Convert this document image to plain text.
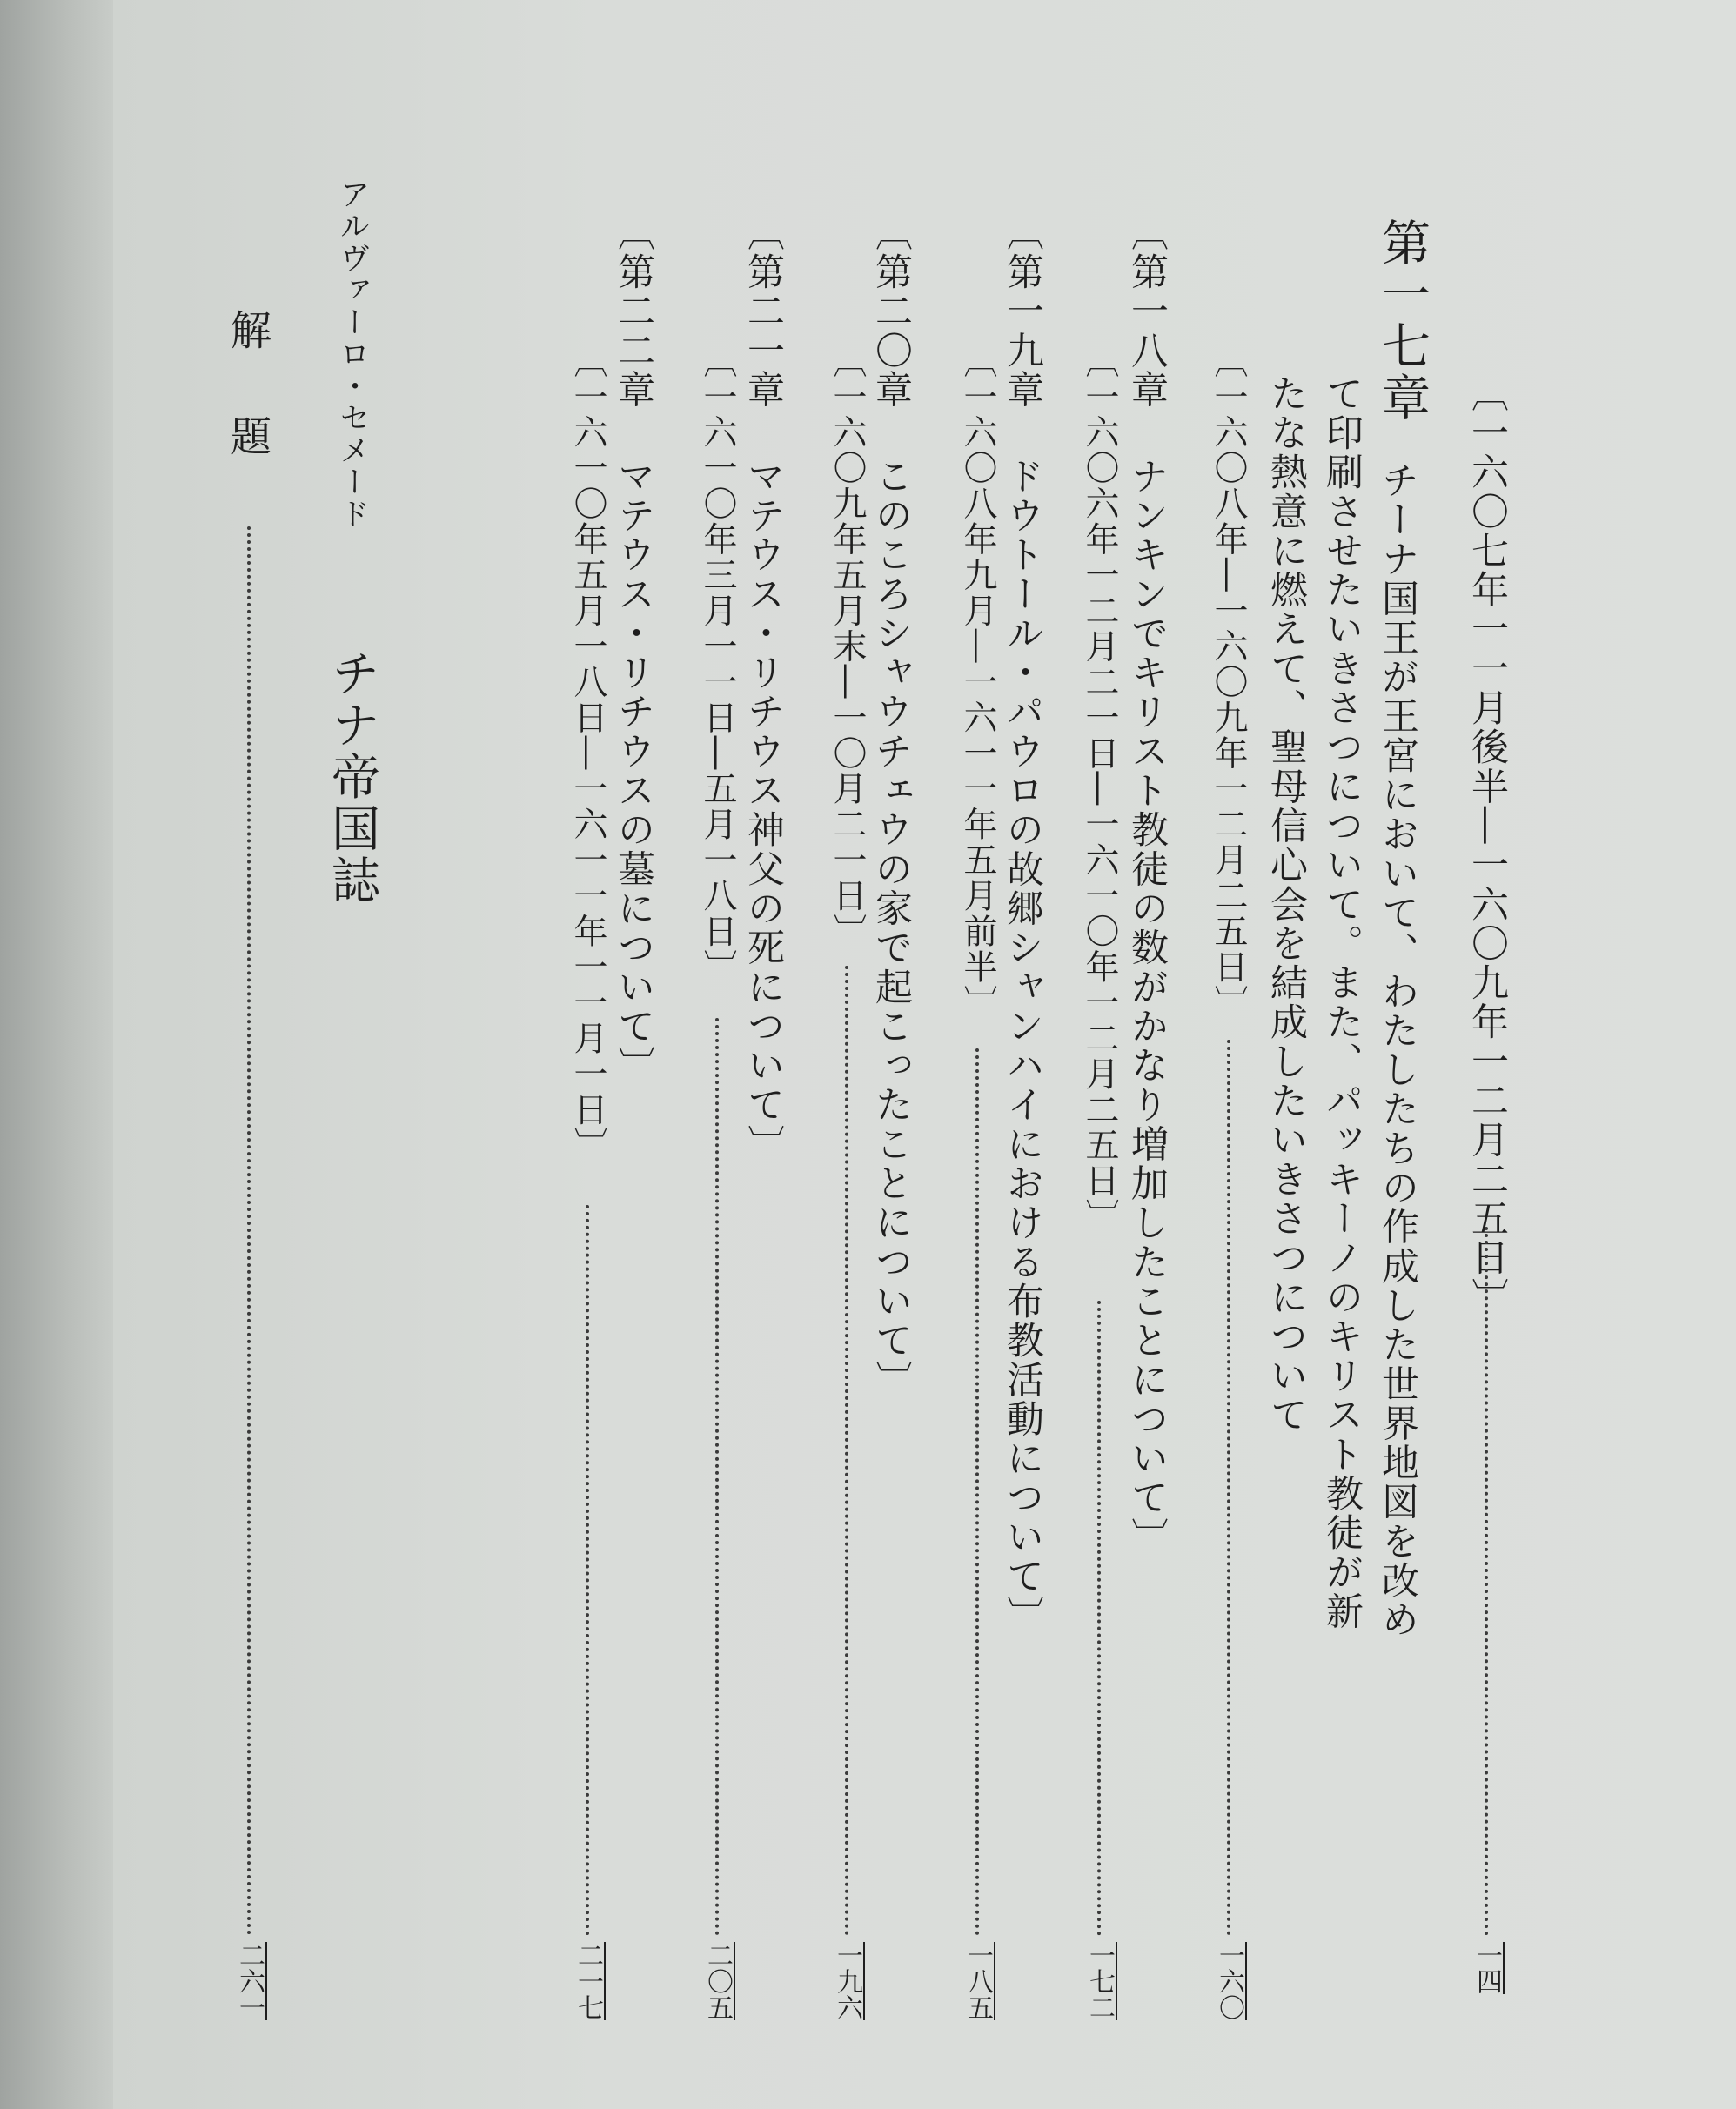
〔一六〇七年一一月後半―一六〇九年一二月二五日〕
一四
第一七章
チーナ国王が王宮において、わたしたちの作成した世界地図を改め
て印刷させたいきさつについて。また、パッキーノのキリスト教徒が新
たな熱意に燃えて、聖母信心会を結成したいきさつについて
〔一六〇八年―一六〇九年一二月二五日〕
一六〇
〔第一八章
ナンキンでキリスト教徒の数がかなり増加したことについて〕
〔一六〇六年一二月二一日―一六一〇年一二月二五日〕
一七二
〔第一九章
ドウトール・パウロの故郷シャンハイにおける布教活動について〕
〔一六〇八年九月―一六一一年五月前半〕
一八五
〔第二〇章
このころシャウチェウの家で起こったことについて〕
〔一六〇九年五月末―一〇月二一日〕
一九六
〔第二一章
マテウス・リチウス神父の死について〕
〔一六一〇年三月一一日―五月一八日〕
二〇五
〔第二二章
マテウス・リチウスの墓について〕
〔一六一〇年五月一八日―一六一一年一一月一日〕
二一七
アルヴァーロ・セメード
チナ帝国誌
解題
二六一
